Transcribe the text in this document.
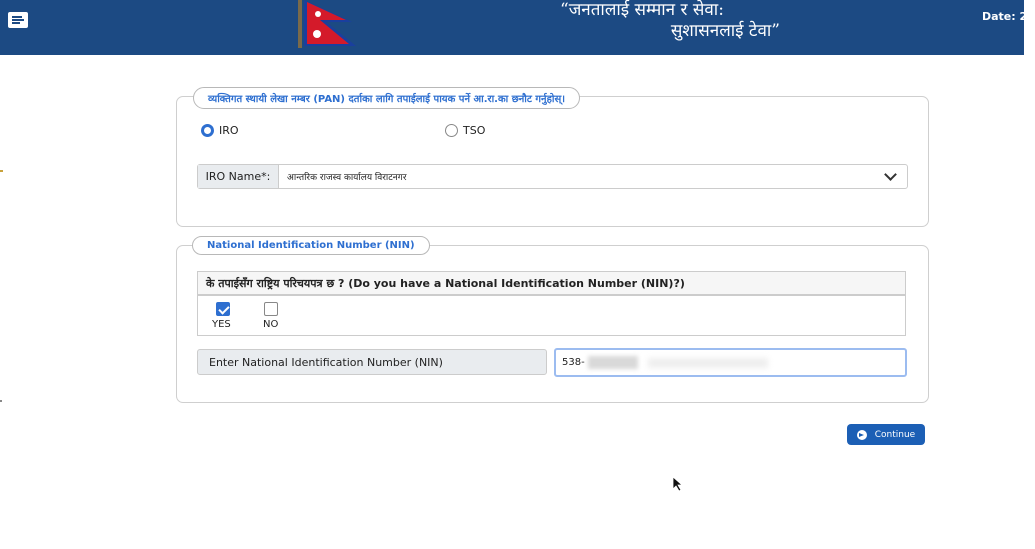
“जनतालाई सम्मान र सेवा:
सुशासनलाई टेवा”
Date: 20
व्यक्तिगत स्थायी लेखा नम्बर (PAN) दर्ताका लागि तपाईलाई पायक पर्ने आ.रा.का छनौट गर्नुहोस्।
IRO	TSO
IRO Name*:	आन्तरिक राजस्व कार्यालय विराटनगर
National Identification Number (NIN)
के तपाईसँग राष्ट्रिय परिचयपत्र छ ? (Do you have a National Identification Number (NIN)?)
YES	NO
Enter National Identification Number (NIN)	538-
Continue
